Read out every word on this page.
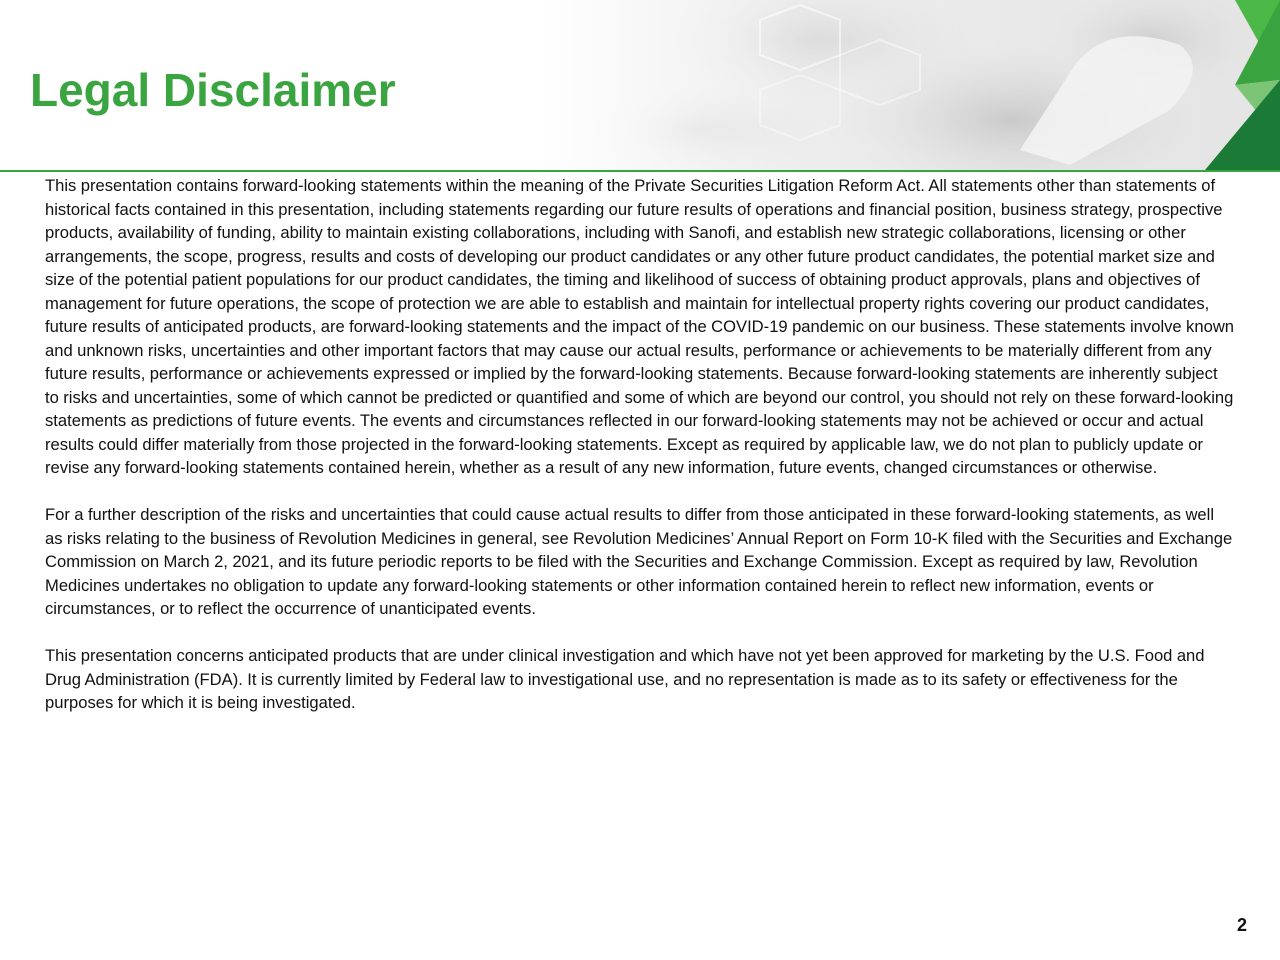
Legal Disclaimer

This presentation contains forward-looking statements within the meaning of the Private Securities Litigation Reform Act. All statements other than statements of historical facts contained in this presentation, including statements regarding our future results of operations and financial position, business strategy, prospective products, availability of funding, ability to maintain existing collaborations, including with Sanofi, and establish new strategic collaborations, licensing or other arrangements, the scope, progress, results and costs of developing our product candidates or any other future product candidates, the potential market size and size of the potential patient populations for our product candidates, the timing and likelihood of success of obtaining product approvals, plans and objectives of management for future operations, the scope of protection we are able to establish and maintain for intellectual property rights covering our product candidates, future results of anticipated products, are forward-looking statements and the impact of the COVID-19 pandemic on our business. These statements involve known and unknown risks, uncertainties and other important factors that may cause our actual results, performance or achievements to be materially different from any future results, performance or achievements expressed or implied by the forward-looking statements. Because forward-looking statements are inherently subject to risks and uncertainties, some of which cannot be predicted or quantified and some of which are beyond our control, you should not rely on these forward-looking statements as predictions of future events. The events and circumstances reflected in our forward-looking statements may not be achieved or occur and actual results could differ materially from those projected in the forward-looking statements. Except as required by applicable law, we do not plan to publicly update or revise any forward-looking statements contained herein, whether as a result of any new information, future events, changed circumstances or otherwise.

For a further description of the risks and uncertainties that could cause actual results to differ from those anticipated in these forward-looking statements, as well as risks relating to the business of Revolution Medicines in general, see Revolution Medicines’ Annual Report on Form 10-K filed with the Securities and Exchange Commission on March 2, 2021, and its future periodic reports to be filed with the Securities and Exchange Commission. Except as required by law, Revolution Medicines undertakes no obligation to update any forward-looking statements or other information contained herein to reflect new information, events or circumstances, or to reflect the occurrence of unanticipated events.

This presentation concerns anticipated products that are under clinical investigation and which have not yet been approved for marketing by the U.S. Food and Drug Administration (FDA). It is currently limited by Federal law to investigational use, and no representation is made as to its safety or effectiveness for the purposes for which it is being investigated.

2
